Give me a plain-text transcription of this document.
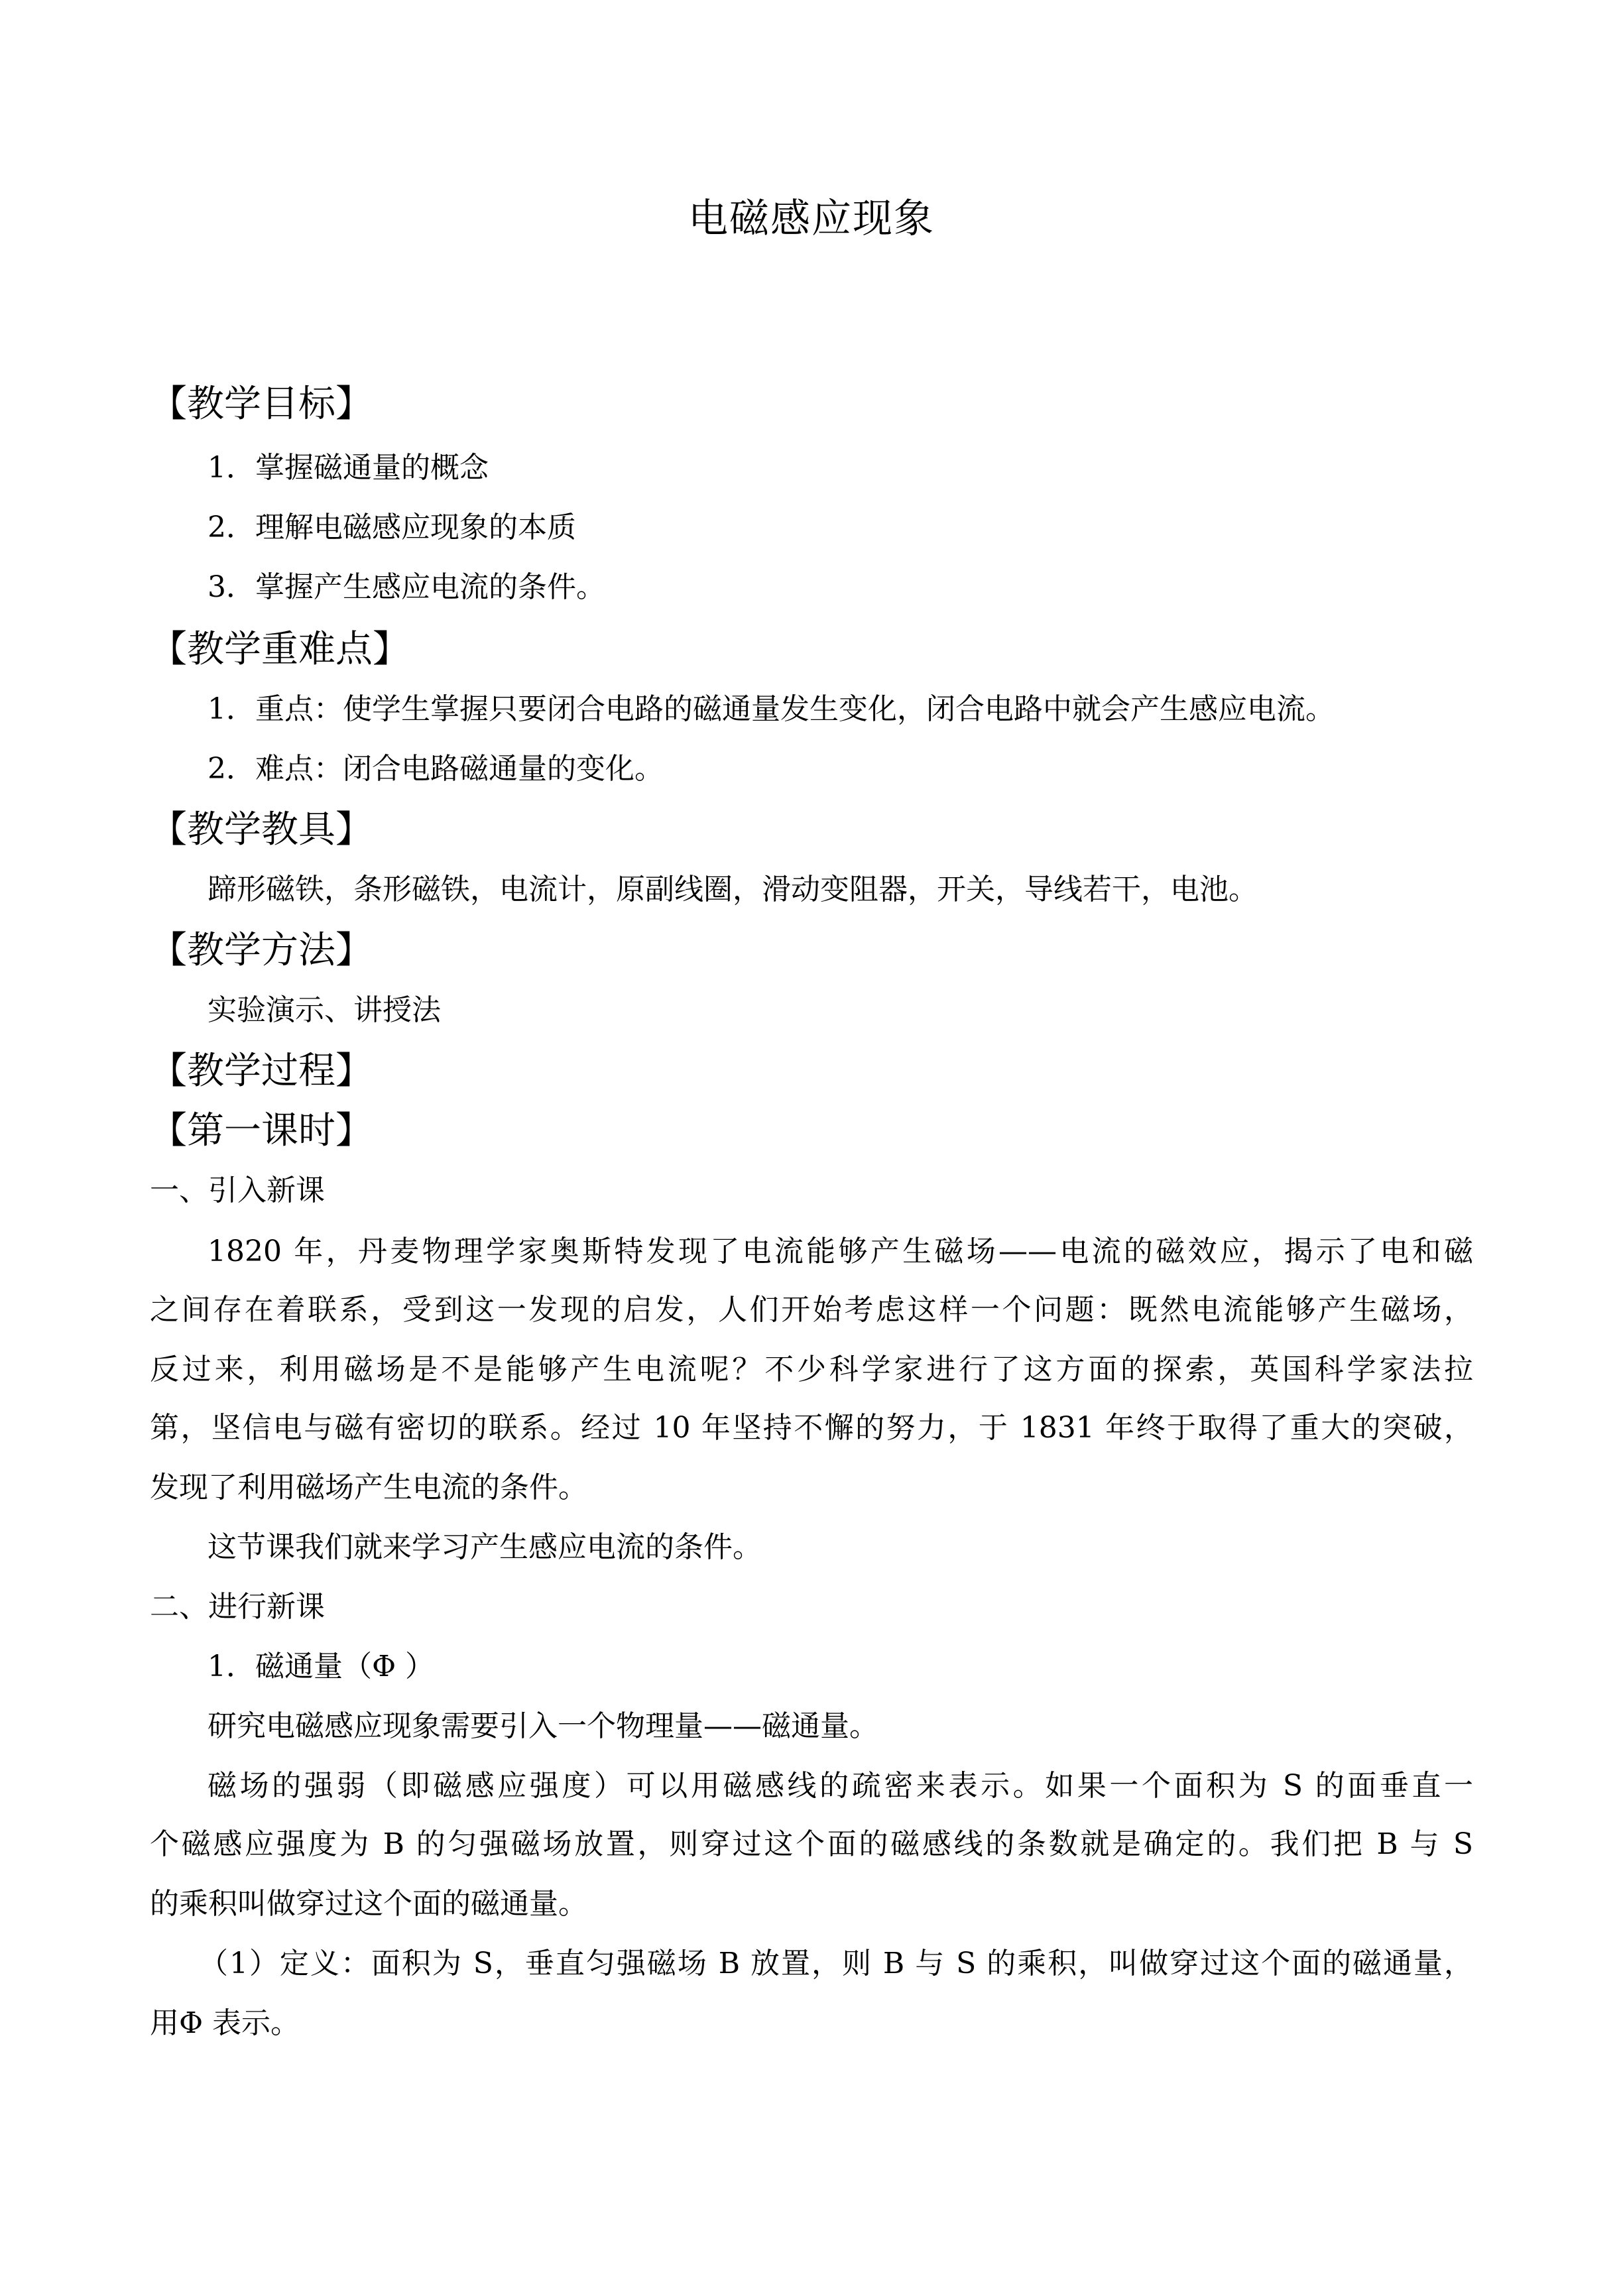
电磁感应现象
【教学目标】
1．掌握磁通量的概念
2．理解电磁感应现象的本质
3．掌握产生感应电流的条件。
【教学重难点】
1．重点：使学生掌握只要闭合电路的磁通量发生变化，闭合电路中就会产生感应电流。
2．难点：闭合电路磁通量的变化。
【教学教具】
蹄形磁铁，条形磁铁，电流计，原副线圈，滑动变阻器，开关，导线若干，电池。
【教学方法】
实验演示、讲授法
【教学过程】
【第一课时】
一、引入新课
1820 年，丹麦物理学家奥斯特发现了电流能够产生磁场——电流的磁效应，揭示了电和磁
之间存在着联系，受到这一发现的启发，人们开始考虑这样一个问题：既然电流能够产生磁场，
反过来，利用磁场是不是能够产生电流呢？不少科学家进行了这方面的探索，英国科学家法拉
第，坚信电与磁有密切的联系。经过 10 年坚持不懈的努力，于 1831 年终于取得了重大的突破，
发现了利用磁场产生电流的条件。
这节课我们就来学习产生感应电流的条件。
二、进行新课
1．磁通量（Φ ）
研究电磁感应现象需要引入一个物理量——磁通量。
磁场的强弱（即磁感应强度）可以用磁感线的疏密来表示。如果一个面积为 S 的面垂直一
个磁感应强度为 B 的匀强磁场放置，则穿过这个面的磁感线的条数就是确定的。我们把 B 与 S
的乘积叫做穿过这个面的磁通量。
（1）定义：面积为 S，垂直匀强磁场 B 放置，则 B 与 S 的乘积，叫做穿过这个面的磁通量，
用Φ 表示。
